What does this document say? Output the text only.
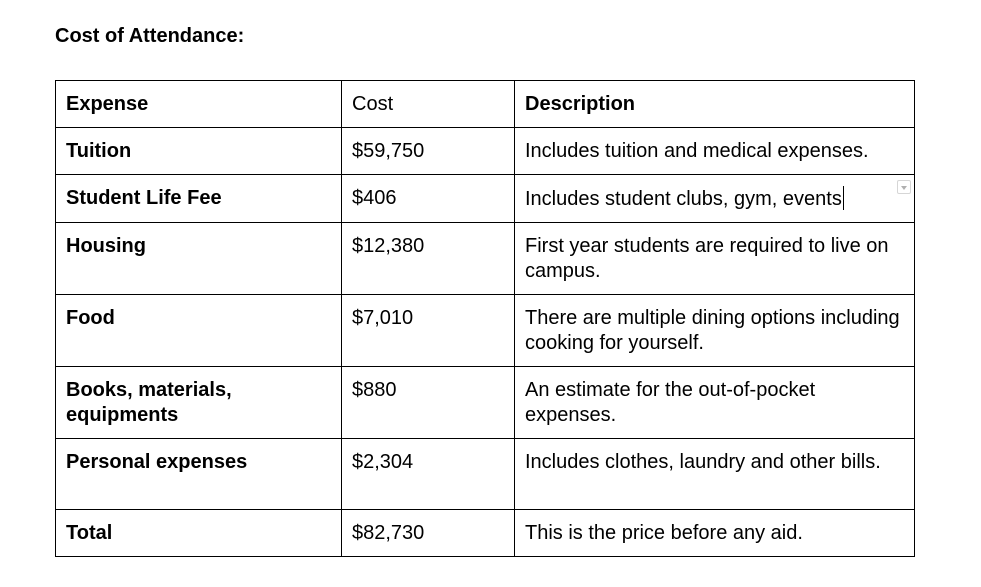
Cost of Attendance:
Expense	Cost	Description
Tuition	$59,750	Includes tuition and medical expenses.
Student Life Fee	$406	Includes student clubs, gym, events

Housing	$12,380	First year students are required to live on campus.
Food	$7,010	There are multiple dining options including cooking for yourself.
Books, materials, equipments	$880	An estimate for the out-of-pocket expenses.
Personal expenses	$2,304	Includes clothes, laundry and other bills.
Total	$82,730	This is the price before any aid.
